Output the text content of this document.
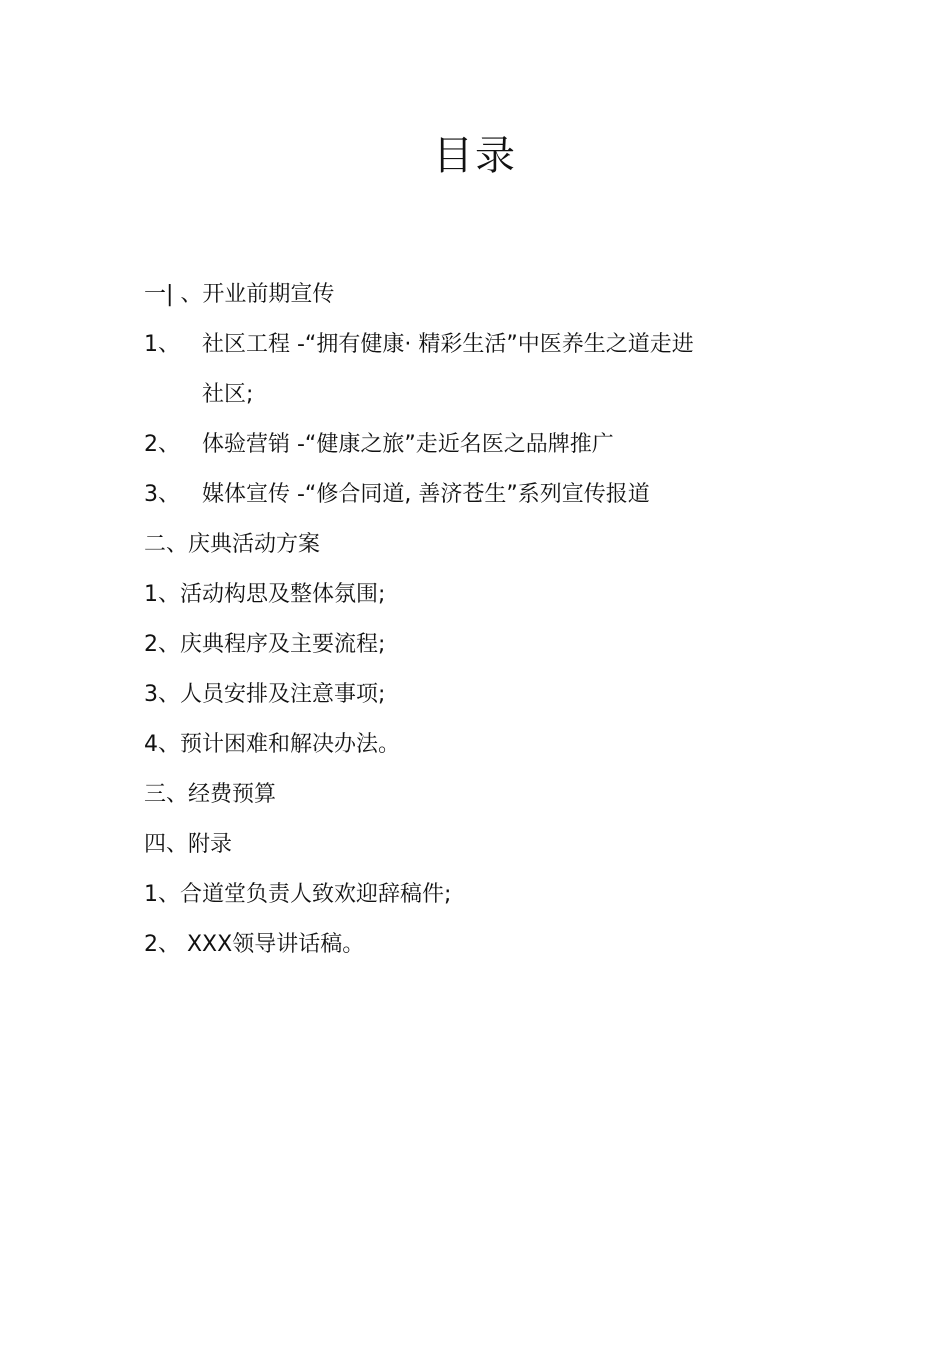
目录
一| 、开业前期宣传
1、 社区工程 -“拥有健康· 精彩生活”中医养生之道走进
社区;
2、 体验营销 -“健康之旅”走近名医之品牌推广
3、 媒体宣传 -“修合同道, 善济苍生”系列宣传报道
二、庆典活动方案
1、活动构思及整体氛围;
2、庆典程序及主要流程;
3、人员安排及注意事项;
4、预计困难和解决办法。
三、经费预算
四、附录
1、合道堂负责人致欢迎辞稿件;
2、 XXX领导讲话稿。
